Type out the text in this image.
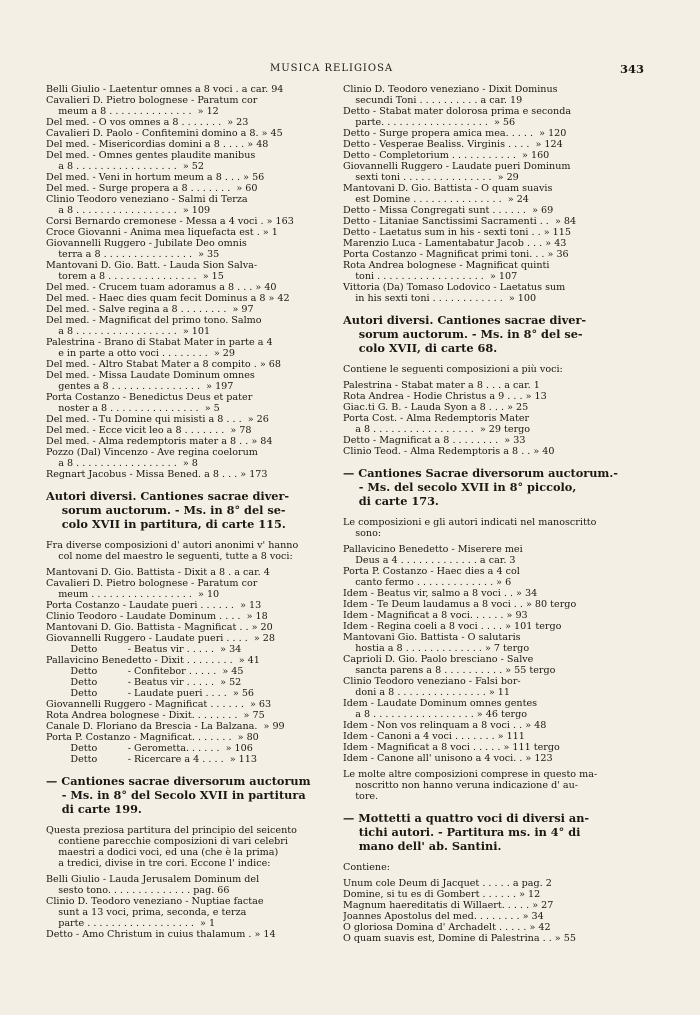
MUSICA RELIGIOSA	343
Belli Giulio - Laetentur omnes a 8 voci . a car. 94
Cavalieri D. Pietro bolognese - Paratum cor
meum a 8 . . . . . . . . . . . . . .  » 12
Del med. - O vos omnes a 8 . . . . . . .  » 23
Cavalieri D. Paolo - Confitemini domino a 8. » 45
Del med. - Misericordias domini a 8 . . . . » 48
Del med. - Omnes gentes plaudite manibus
a 8 . . . . . . . . . . . . . . . . .  » 52
Del med. - Veni in hortum meum a 8 . . . » 56
Del med. - Surge propera a 8 . . . . . . .  » 60
Clinio Teodoro veneziano - Salmi di Terza
a 8 . . . . . . . . . . . . . . . . .  » 109
Corsi Bernardo cremonese - Messa a 4 voci . » 163
Croce Giovanni - Anima mea liquefacta est . » 1
Giovannelli Ruggero - Jubilate Deo omnis
terra a 8 . . . . . . . . . . . . . . .  » 35
Mantovani D. Gio. Batt. - Lauda Sion Salva-
torem a 8 . . . . . . . . . . . . . . .  » 15
Del med. - Crucem tuam adoramus a 8 . . . » 40
Del med. - Haec dies quam fecit Dominus a 8 » 42
Del med. - Salve regina a 8 . . . . . . . .  » 97
Del med. - Magnificat del primo tono. Salmo
a 8 . . . . . . . . . . . . . . . . .  » 101
Palestrina - Brano di Stabat Mater in parte a 4
e in parte a otto voci . . . . . . . .  » 29
Del med. - Altro Stabat Mater a 8 compito . » 68
Del med. - Missa Laudate Dominum omnes
gentes a 8 . . . . . . . . . . . . . . .  » 197
Porta Costanzo - Benedictus Deus et pater
noster a 8 . . . . . . . . . . . . . . .  » 5
Del med. - Tu Domine qui misisti a 8 . . .  » 26
Del med. - Ecce vicit leo a 8 . . . . . . .  » 78
Del med. - Alma redemptoris mater a 8 . . » 84
Pozzo (Dal) Vincenzo - Ave regina coelorum
a 8 . . . . . . . . . . . . . . . . .  » 8
Regnart Jacobus - Missa Bened. a 8 . . . » 173
Autori diversi. Cantiones sacrae diver-
sorum auctorum. - Ms. in 8° del se-
colo XVII in partitura, di carte 115.
Fra diverse composizioni d' autori anonimi v' hanno
col nome del maestro le seguenti, tutte a 8 voci:
Mantovani D. Gio. Battista - Dixit a 8 . a car. 4
Cavalieri D. Pietro bolognese - Paratum cor
meum . . . . . . . . . . . . . . . . .  » 10
Porta Costanzo - Laudate pueri . . . . . .  » 13
Clinio Teodoro - Laudate Dominum . . . .  » 18
Mantovani D. Gio. Battista - Magnificat . . » 20
Giovannelli Ruggero - Laudate pueri . . . .  » 28
Detto          - Beatus vir . . . . .  » 34
Pallavicino Benedetto - Dixit . . . . . . . .  » 41
Detto          - Confitebor . . . . .  » 45
Detto          - Beatus vir . . . . .  » 52
Detto          - Laudate pueri . . . .  » 56
Giovannelli Ruggero - Magnificat . . . . . .  » 63
Rota Andrea bolognese - Dixit. . . . . . . .  » 75
Canale D. Floriano da Brescia - La Balzana.  » 99
Porta P. Costanzo - Magnificat. . . . . . .  » 80
Detto          - Gerometta. . . . . .  » 106
Detto          - Ricercare a 4 . . . .  » 113
— Cantiones sacrae diversorum auctorum
- Ms. in 8° del Secolo XVII in partitura
di carte 199.
Questa preziosa partitura del principio del seicento
contiene parecchie composizioni di vari celebri
maestri a dodici voci, ed una (che è la prima)
a tredici, divise in tre cori. Eccone l' indice:
Belli Giulio - Lauda Jerusalem Dominum del
sesto tono. . . . . . . . . . . . . . pag. 66
Clinio D. Teodoro veneziano - Nuptiae factae
sunt a 13 voci, prima, seconda, e terza
parte . . . . . . . . . . . . . . . . . .  » 1
Detto - Amo Christum in cuius thalamum . » 14
Clinio D. Teodoro veneziano - Dixit Dominus
secundi Toni . . . . . . . . . . a car. 19
Detto - Stabat mater dolorosa prima e seconda
parte. . . . . . . . . . . . . . . . . .  » 56
Detto - Surge propera amica mea. . . . .  » 120
Detto - Vesperae Bealiss. Virginis . . . .  » 124
Detto - Completorium . . . . . . . . . . .  » 160
Giovannelli Ruggero - Laudate pueri Dominum
sexti toni . . . . . . . . . . . . . . .  » 29
Mantovani D. Gio. Battista - O quam suavis
est Domine . . . . . . . . . . . . . . .  » 24
Detto - Missa Congregati sunt . . . . . .  » 69
Detto - Litaniae Sanctissimi Sacramenti . .  » 84
Detto - Laetatus sum in his - sexti toni . . » 115
Marenzio Luca - Lamentabatur Jacob . . . » 43
Porta Costanzo - Magnificat primi toni. . . » 36
Rota Andrea bolognese - Magnificat quinti
toni . . . . . . . . . . . . . . . . . .  » 107
Vittoria (Da) Tomaso Lodovico - Laetatus sum
in his sexti toni . . . . . . . . . . . .  » 100
Autori diversi. Cantiones sacrae diver-
sorum auctorum. - Ms. in 8° del se-
colo XVII, di carte 68.
Contiene le seguenti composizioni a più voci:
Palestrina - Stabat mater a 8 . . . a car. 1
Rota Andrea - Hodie Christus a 9 . . . » 13
Giac.ti G. B. - Lauda Syon a 8 . . . » 25
Porta Cost. - Alma Redemptoris Mater
a 8 . . . . . . . . . . . . . . . . .  » 29 tergo
Detto - Magnificat a 8 . . . . . . . .  » 33
Clinio Teod. - Alma Redemptoris a 8 . . » 40
— Cantiones Sacrae diversorum auctorum.-
- Ms. del secolo XVII in 8° piccolo,
di carte 173.
Le composizioni e gli autori indicati nel manoscritto
sono:
Pallavicino Benedetto - Miserere mei
Deus a 4 . . . . . . . . . . . . . a car. 3
Porta P. Costanzo - Haec dies a 4 col
canto fermo . . . . . . . . . . . . . » 6
Idem - Beatus vir, salmo a 8 voci . . » 34
Idem - Te Deum laudamus a 8 voci . . » 80 tergo
Idem - Magnificat a 8 voci. . . . . . » 93
Idem - Regina coeli a 8 voci . . . . » 101 tergo
Mantovani Gio. Battista - O salutaris
hostia a 8 . . . . . . . . . . . . . » 7 tergo
Caprioli D. Gio. Paolo bresciano - Salve
sancta parens a 8 . . . . . . . . . . » 55 tergo
Clinio Teodoro veneziano - Falsi bor-
doni a 8 . . . . . . . . . . . . . . . » 11
Idem - Laudate Dominum omnes gentes
a 8 . . . . . . . . . . . . . . . . . » 46 tergo
Idem - Non vos relinquam a 8 voci . . » 48
Idem - Canoni a 4 voci . . . . . . . » 111
Idem - Magnificat a 8 voci . . . . . » 111 tergo
Idem - Canone all' unisono a 4 voci. . » 123
Le molte altre composizioni comprese in questo ma-
noscritto non hanno veruna indicazione d' au-
tore.
— Mottetti a quattro voci di diversi an-
tichi autori. - Partitura ms. in 4° di
mano dell' ab. Santini.
Contiene:
Unum cole Deum di Jacquet . . . . . a pag. 2
Domine, si tu es di Gombert . . . . . . » 12
Magnum haereditatis di Willaert. . . . . » 27
Joannes Apostolus del med. . . . . . . . » 34
O gloriosa Domina d' Archadelt . . . . . » 42
O quam suavis est, Domine di Palestrina . . » 55
